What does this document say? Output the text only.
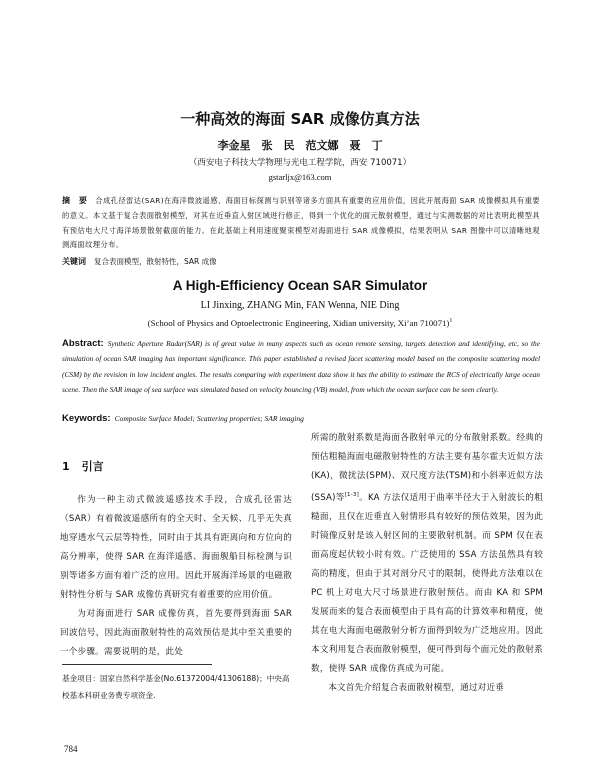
一种高效的海面 SAR 成像仿真方法
李金星　张　民　范文娜　聂　丁
（西安电子科技大学物理与光电工程学院，西安 710071）
gstarljx@163.com
摘　要 合成孔径雷达(SAR)在海洋微波遥感、海面目标探测与识别等诸多方面具有重要的应用价值，因此开展海面 SAR 成像模拟具有重要的意义。本文基于复合表面散射模型，对其在近垂直入射区域进行修正，得到一个优化的面元散射模型，通过与实测数据的对比表明此模型具有预估电大尺寸海洋场景散射截面的能力。在此基础上利用速度聚束模型对海面进行 SAR 成像模拟，结果表明从 SAR 图像中可以清晰地观测海面纹理分布。
关键词 复合表面模型，散射特性，SAR 成像
A High-Efficiency Ocean SAR Simulator
LI Jinxing, ZHANG Min, FAN Wenna, NIE Ding
(School of Physics and Optoelectronic Engineering, Xidian university, Xi’an 710071)$^1$
Abstract: Synthetic Aperture Radar(SAR) is of great value in many aspects such as ocean remote sensing, targets detection and identifying, etc, so the simulation of ocean SAR imaging has important significance. This paper established a revised facet scattering model based on the composite scattering model (CSM) by the revision in low incident angles. The results comparing with experiment data show it has the ability to estimate the RCS of electrically large ocean scene. Then the SAR image of sea surface was simulated based on velocity bouncing (VB) model, from which the ocean surface can be seen clearly.
Keywords: Composite Surface Model; Scattering properties; SAR imaging
1 引言

作为一种主动式微波遥感技术手段，合成孔径雷达（SAR）有着微波遥感所有的全天时、全天候、几乎无失真地穿透水气云层等特性，同时由于其具有距离向和方位向的高分辨率，使得 SAR 在海洋遥感、海面舰船目标检测与识别等诸多方面有着广泛的应用。因此开展海洋场景的电磁散射特性分析与 SAR 成像仿真研究有着重要的应用价值。

为对海面进行 SAR 成像仿真，首先要得到海面 SAR 回波信号，因此海面散射特性的高效预估是其中至关重要的一个步骤。需要说明的是，此处

所需的散射系数是海面各散射单元的分布散射系数。经典的预估粗糙海面电磁散射特性的方法主要有基尔霍夫近似方法(KA)，微扰法(SPM)、双尺度方法(TSM)和小斜率近似方法(SSA)等[1-3]。KA 方法仅适用于曲率半径大于入射波长的粗糙面，且仅在近垂直入射情形具有较好的预估效果，因为此时镜像反射是该入射区间的主要散射机制。而 SPM 仅在表面高度起伏较小时有效。广泛使用的 SSA 方法虽然具有较高的精度，但由于其对剖分尺寸的限制，使得此方法难以在 PC 机上对电大尺寸场景进行散射预估。而由 KA 和 SPM 发展而来的复合表面模型由于具有高的计算效率和精度，使其在电大海面电磁散射分析方面得到较为广泛地应用。因此本文利用复合表面散射模型，便可得到每个面元处的散射系数，使得 SAR 成像仿真成为可能。

本文首先介绍复合表面散射模型，通过对近垂

基金项目：国家自然科学基金(No.61372004/41306188)；中央高校基本科研业务费专项资金.
784
